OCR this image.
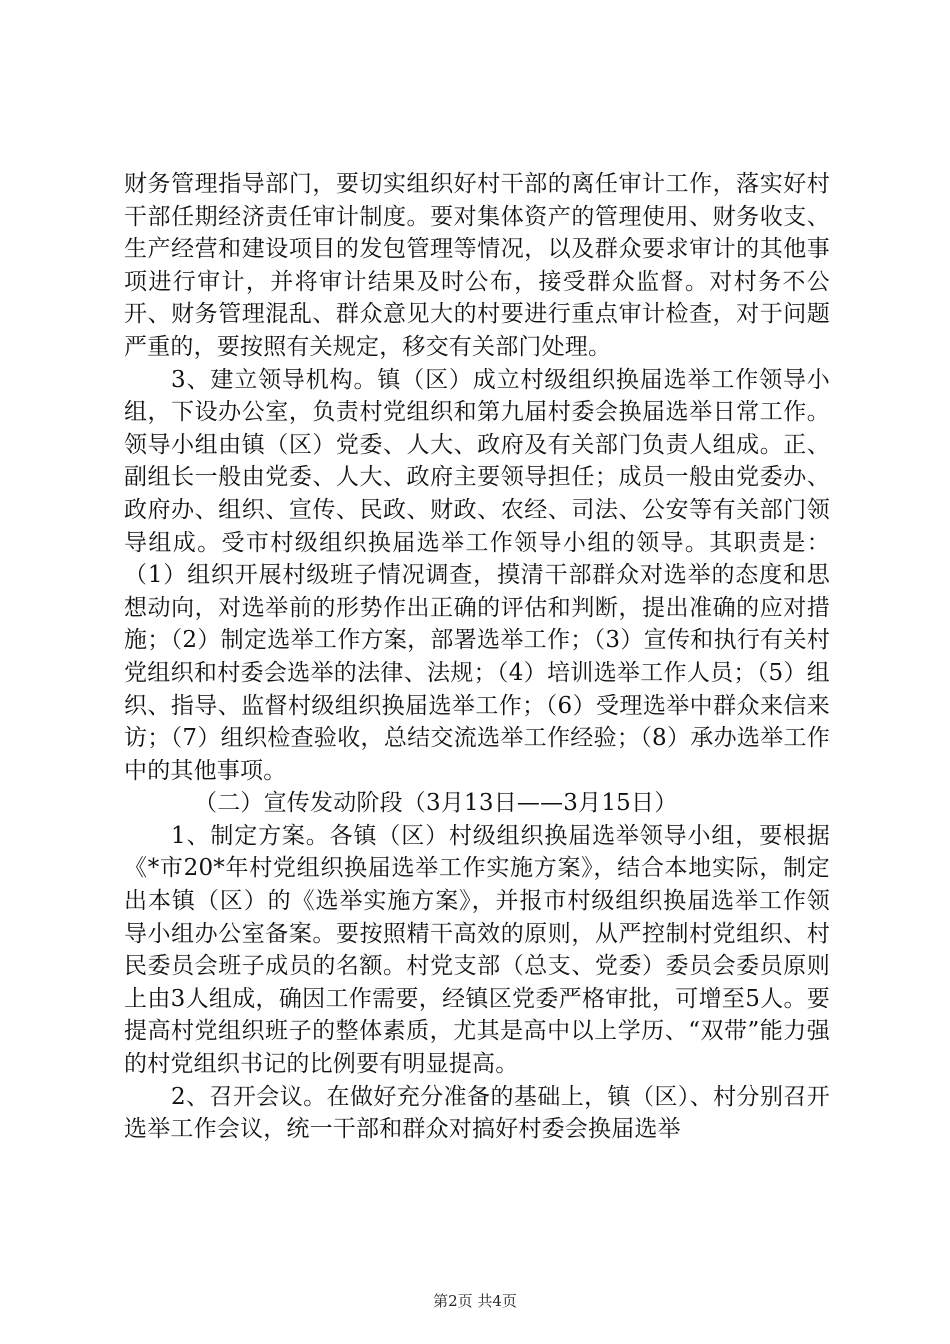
财务管理指导部门，要切实组织好村干部的离任审计工作，落实好村干部任期经济责任审计制度。要对集体资产的管理使用、财务收支、生产经营和建设项目的发包管理等情况，以及群众要求审计的其他事项进行审计，并将审计结果及时公布，接受群众监督。对村务不公开、财务管理混乱、群众意见大的村要进行重点审计检查，对于问题严重的，要按照有关规定，移交有关部门处理。

3、建立领导机构。镇（区）成立村级组织换届选举工作领导小组，下设办公室，负责村党组织和第九届村委会换届选举日常工作。领导小组由镇（区）党委、人大、政府及有关部门负责人组成。正、副组长一般由党委、人大、政府主要领导担任；成员一般由党委办、政府办、组织、宣传、民政、财政、农经、司法、公安等有关部门领导组成。受市村级组织换届选举工作领导小组的领导。其职责是：（1）组织开展村级班子情况调查，摸清干部群众对选举的态度和思想动向，对选举前的形势作出正确的评估和判断，提出准确的应对措施；（2）制定选举工作方案，部署选举工作；（3）宣传和执行有关村党组织和村委会选举的法律、法规；（4）培训选举工作人员；（5）组织、指导、监督村级组织换届选举工作；（6）受理选举中群众来信来访；（7）组织检查验收，总结交流选举工作经验；（8）承办选举工作中的其他事项。

（二）宣传发动阶段（3月13日——3月15日）

1、制定方案。各镇（区）村级组织换届选举领导小组，要根据《*市20*年村党组织换届选举工作实施方案》，结合本地实际，制定出本镇（区）的《选举实施方案》，并报市村级组织换届选举工作领导小组办公室备案。要按照精干高效的原则，从严控制村党组织、村民委员会班子成员的名额。村党支部（总支、党委）委员会委员原则上由3人组成，确因工作需要，经镇区党委严格审批，可增至5人。要提高村党组织班子的整体素质，尤其是高中以上学历、“双带”能力强的村党组织书记的比例要有明显提高。

2、召开会议。在做好充分准备的基础上，镇（区）、村分别召开选举工作会议，统一干部和群众对搞好村委会换届选举

第2页 共4页
